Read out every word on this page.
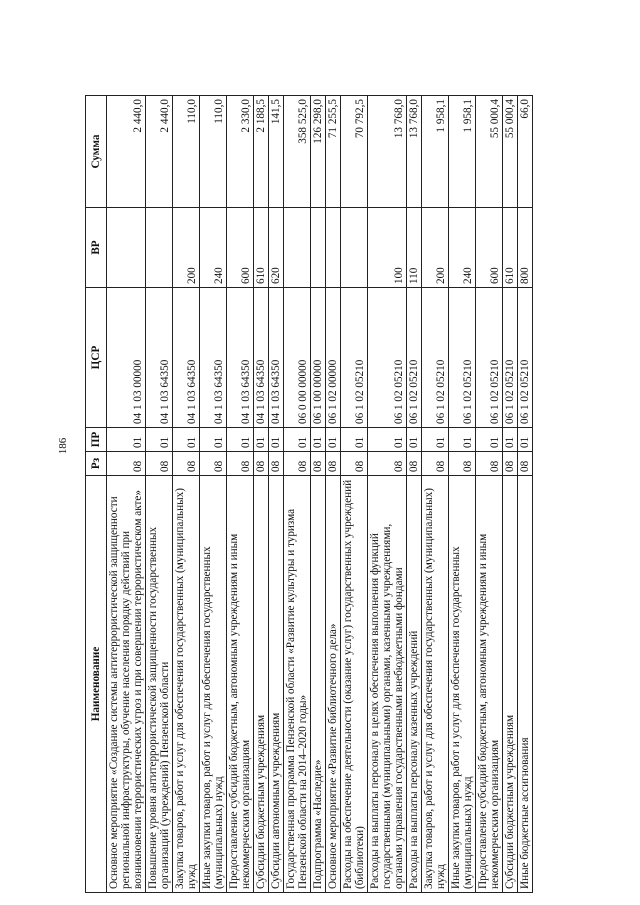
186
Наименование	Рз	ПР	ЦСР	ВР	Сумма
Основное мероприятие «Создание системы антитеррористической защищенности региональной инфраструктуры, обучение населения порядку действий при возникновении террористических угроз и при совершении террористическом акте»	08	01	04 1 03 00000		2 440,0
Повышение уровня антитеррористической защищенности государственных организаций (учреждений) Пензенской области	08	01	04 1 03 64350		2 440,0
Закупка товаров, работ и услуг для обеспечения государственных (муниципальных) нужд	08	01	04 1 03 64350	200	110,0
Иные закупки товаров, работ и услуг для обеспечения государственных (муниципальных) нужд	08	01	04 1 03 64350	240	110,0
Предоставление субсидий бюджетным, автономным учреждениям и иным некоммерческим организациям	08	01	04 1 03 64350	600	2 330,0
Субсидии бюджетным учреждениям	08	01	04 1 03 64350	610	2 188,5
Субсидии автономным учреждениям	08	01	04 1 03 64350	620	141,5
Государственная программа Пензенской области «Развитие культуры и туризма Пензенской области на 2014–2020 годы»	08	01	06 0 00 00000		358 525,0
Подпрограмма «Наследие»	08	01	06 1 00 00000		126 298,0
Основное мероприятие «Развитие библиотечного дела»	08	01	06 1 02 00000		71 255,5
Расходы на обеспечение деятельности (оказание услуг) государственных учреждений (библиотеки)	08	01	06 1 02 05210		70 792,5
Расходы на выплаты персоналу в целях обеспечения выполнения функций государственными (муниципальными) органами, казенными учреждениями, органами управления государственными внебюджетными фондами	08	01	06 1 02 05210	100	13 768,0
Расходы на выплаты персоналу казенных учреждений	08	01	06 1 02 05210	110	13 768,0
Закупка товаров, работ и услуг для обеспечения государственных (муниципальных) нужд	08	01	06 1 02 05210	200	1 958,1
Иные закупки товаров, работ и услуг для обеспечения государственных (муниципальных) нужд	08	01	06 1 02 05210	240	1 958,1
Предоставление субсидий бюджетным, автономным учреждениям и иным некоммерческим организациям	08	01	06 1 02 05210	600	55 000,4
Субсидии бюджетным учреждениям	08	01	06 1 02 05210	610	55 000,4
Иные бюджетные ассигнования	08	01	06 1 02 05210	800	66,0
